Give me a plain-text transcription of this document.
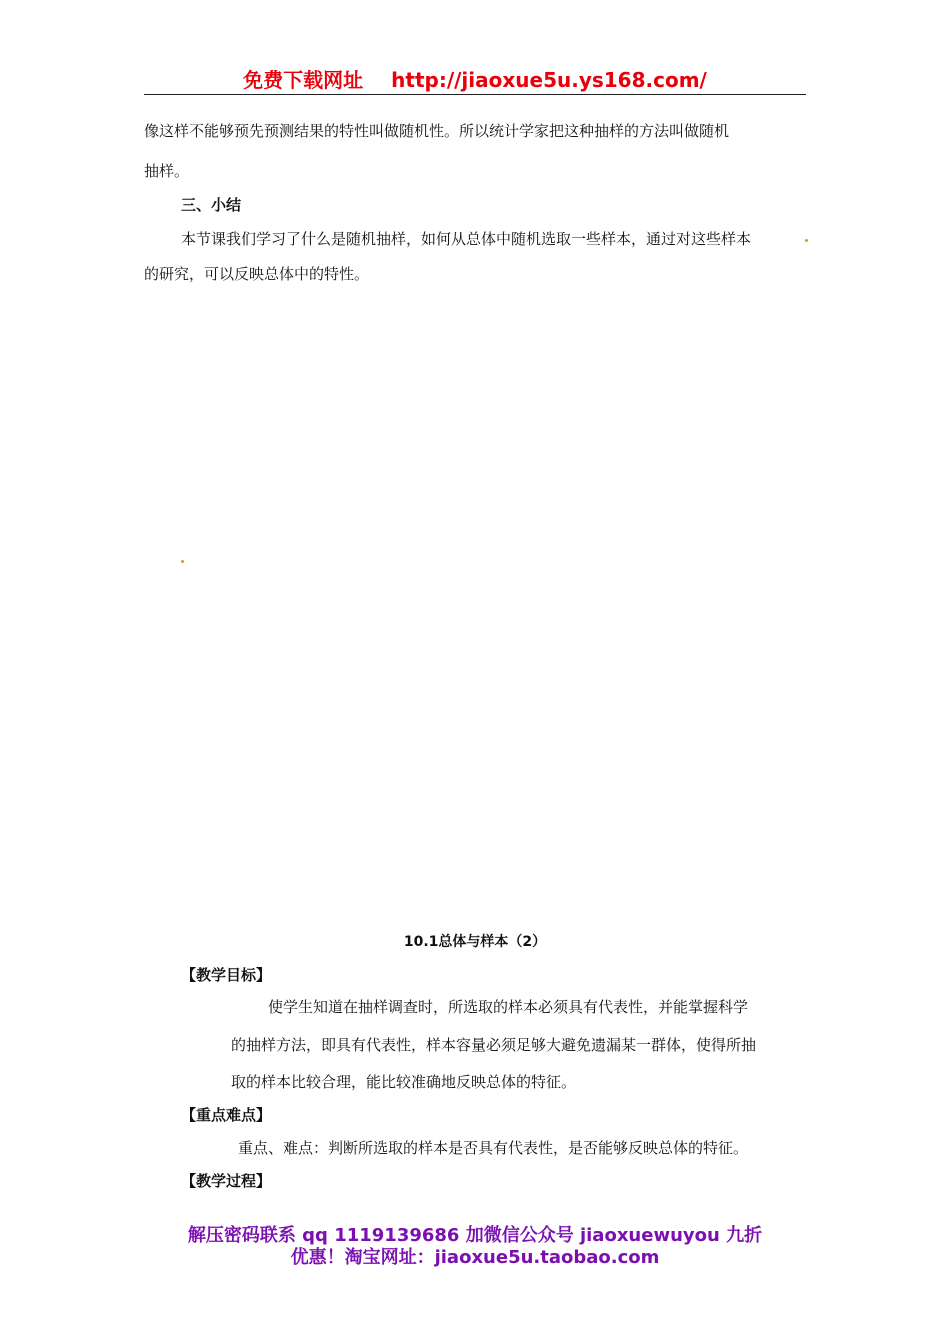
免费下载网址 http://jiaoxue5u.ys168.com/
像这样不能够预先预测结果的特性叫做随机性。所以统计学家把这种抽样的方法叫做随机
抽样。
三、小结
本节课我们学习了什么是随机抽样，如何从总体中随机选取一些样本，通过对这些样本
的研究，可以反映总体中的特性。
10.1总体与样本（2）
【教学目标】
使学生知道在抽样调查时，所选取的样本必须具有代表性，并能掌握科学
的抽样方法，即具有代表性，样本容量必须足够大避免遗漏某一群体，使得所抽
取的样本比较合理，能比较准确地反映总体的特征。
【重点难点】
重点、难点：判断所选取的样本是否具有代表性，是否能够反映总体的特征。
【教学过程】
解压密码联系 qq 1119139686 加微信公众号 jiaoxuewuyou 九折
优惠！淘宝网址：jiaoxue5u.taobao.com
